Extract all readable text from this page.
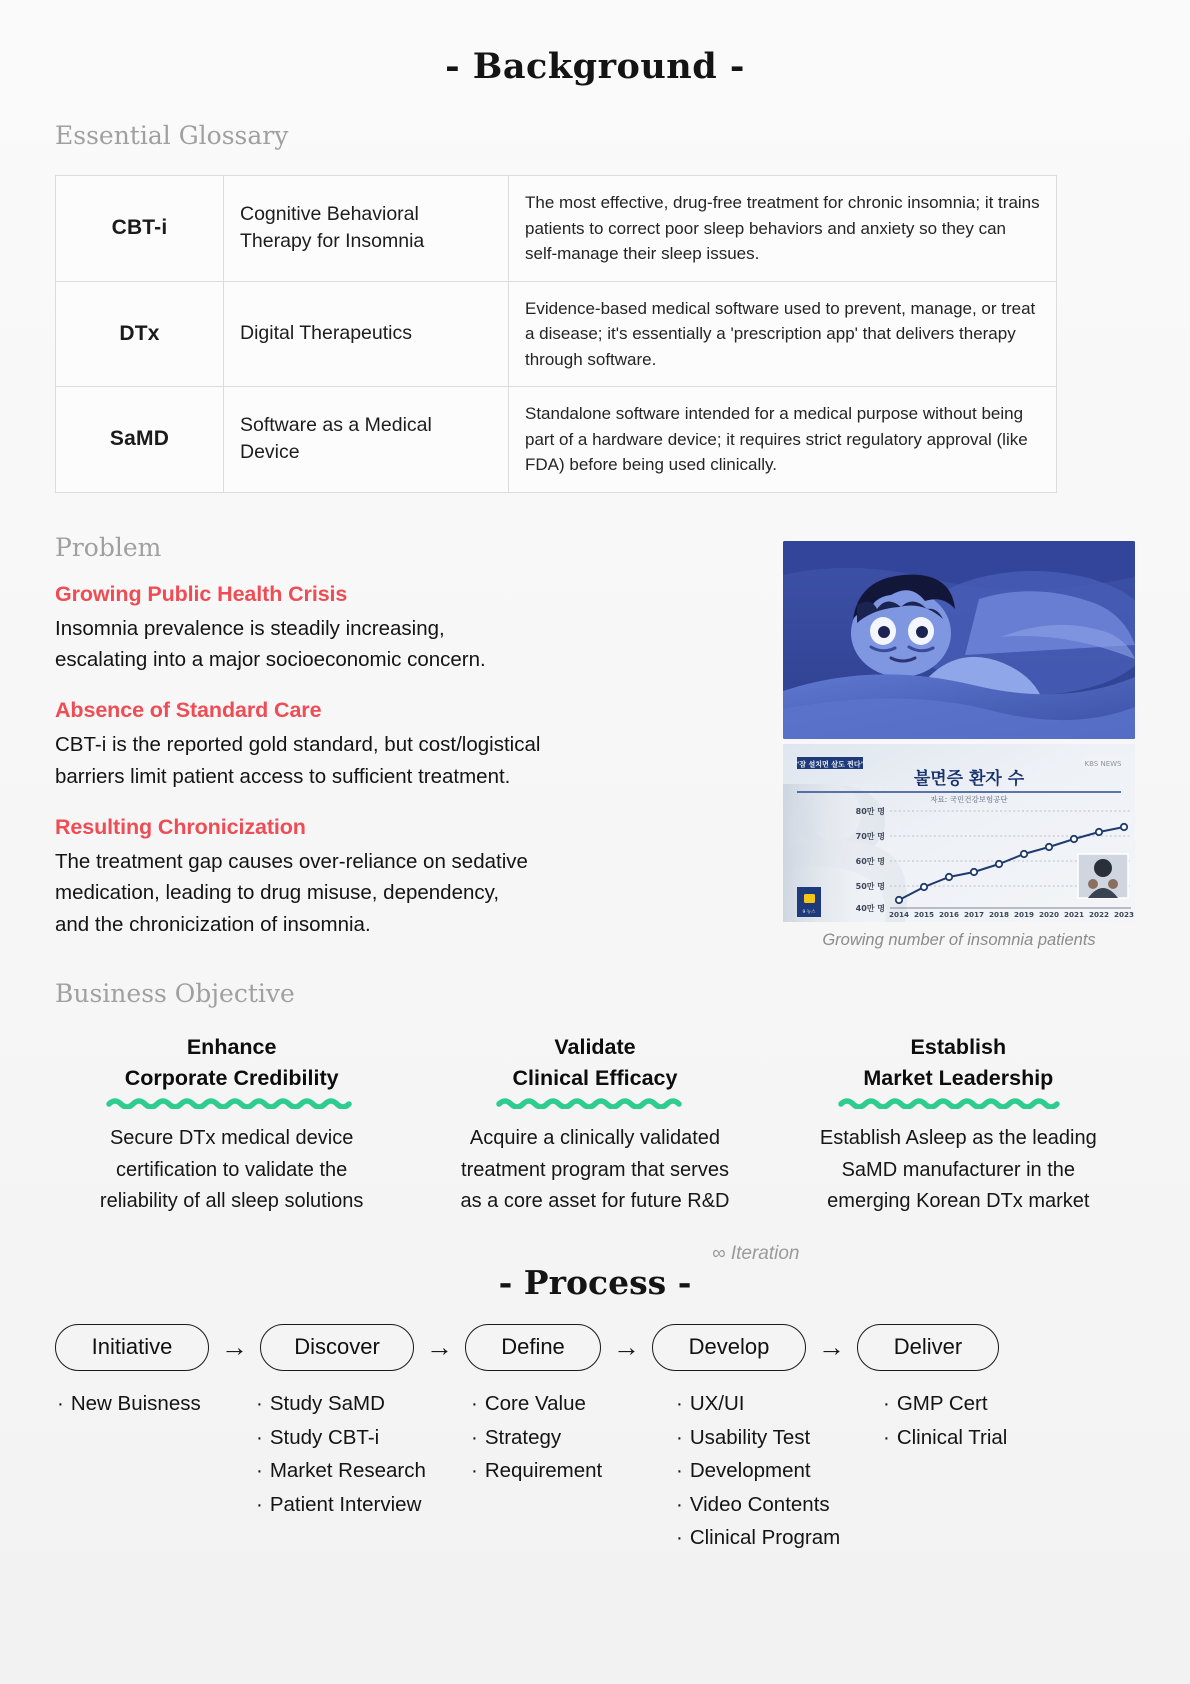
- Background -
Essential Glossary
CBT-i	Cognitive Behavioral Therapy for Insomnia	The most effective, drug-free treatment for chronic insomnia; it trains patients to correct poor sleep behaviors and anxiety so they can self-manage their sleep issues.
DTx	Digital Therapeutics	Evidence-based medical software used to prevent, manage, or treat a disease; it's essentially a 'prescription app' that delivers therapy through software.
SaMD	Software as a Medical Device	Standalone software intended for a medical purpose without being part of a hardware device; it requires strict regulatory approval (like FDA) before being used clinically.
Problem

Growing Public Health Crisis

Insomnia prevalence is steadily increasing,
escalating into a major socioeconomic concern.

Absence of Standard Care

CBT-i is the reported gold standard, but cost/logistical
barriers limit patient access to sufficient treatment.

Resulting Chronicization

The treatment gap causes over-reliance on sedative
medication, leading to drug misuse, dependency,
and the chronicization of insomnia.

"잠 설치면 살도 찐다"	KBS NEWS
불면증 환자 수
자료: 국민건강보험공단
80만 명
70만 명
60만 명
50만 명
40만 명
2014 2015 2016 2017 2018 2019 2020 2021 2022 2023
9 뉴스
Growing number of insomnia patients
Business Objective
Enhance
Corporate Credibility
Secure DTx medical device
certification to validate the
reliability of all sleep solutions
Validate
Clinical Efficacy
Acquire a clinically validated
treatment program that serves
as a core asset for future R&D
Establish
Market Leadership
Establish Asleep as the leading
SaMD manufacturer in the
emerging Korean DTx market
- Process -
∞ Iteration
Initiative	→	Discover	→	Define	→	Develop	→	Deliver
· New Buisness	· Study SaMD
· Study CBT-i
· Market Research
· Patient Interview
· Core Value
· Strategy
· Requirement
· UX/UI
· Usability Test
· Development
· Video Contents
· Clinical Program
· GMP Cert
· Clinical Trial
